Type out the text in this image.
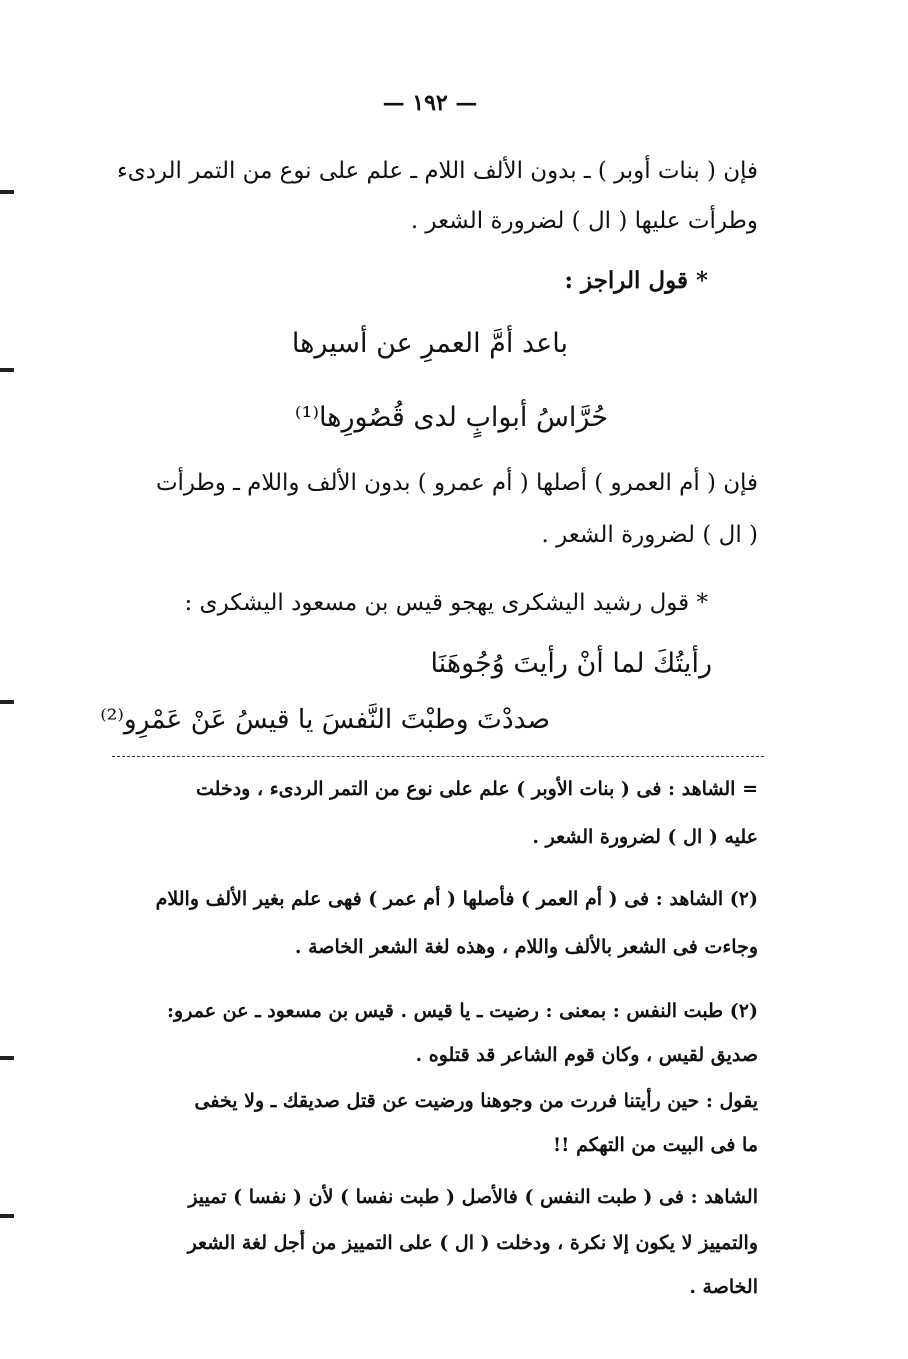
— ١٩٢ —
فإن ( بنات أوبر ) ـ بدون الألف اللام ـ علم على نوع من التمر الردىء
وطرأت عليها ( ال ) لضرورة الشعر .
* قول الراجز :
باعد أمَّ العمرِ عن أسيرها
حُرَّاسُ أبوابٍ لدى قُصُورِها⁽¹⁾
فإن ( أم العمرو ) أصلها ( أم عمرو ) بدون الألف واللام ـ وطرأت
( ال ) لضرورة الشعر .
* قول رشيد اليشكرى يهجو قيس بن مسعود اليشكرى :
رأيتُكَ لما أنْ رأيتَ وُجُوهَنَا
صددْتَ وطبْتَ النَّفسَ يا قيسُ عَنْ عَمْرِو⁽²⁾
= الشاهد : فى ( بنات الأوبر ) علم على نوع من التمر الردىء ، ودخلت
عليه ( ال ) لضرورة الشعر .
(٢) الشاهد : فى ( أم العمر ) فأصلها ( أم عمر ) فهى علم بغير الألف واللام
وجاءت فى الشعر بالألف واللام ، وهذه لغة الشعر الخاصة .
(٢) طبت النفس : بمعنى : رضيت ـ يا قيس . قيس بن مسعود ـ عن عمرو:
صديق لقيس ، وكان قوم الشاعر قد قتلوه .
يقول : حين رأيتنا فررت من وجوهنا ورضيت عن قتل صديقك ـ ولا يخفى
ما فى البيت من التهكم !!
الشاهد : فى ( طبت النفس ) فالأصل ( طبت نفسا ) لأن ( نفسا ) تمييز
والتمييز لا يكون إلا نكرة ، ودخلت ( ال ) على التمييز من أجل لغة الشعر
الخاصة .
